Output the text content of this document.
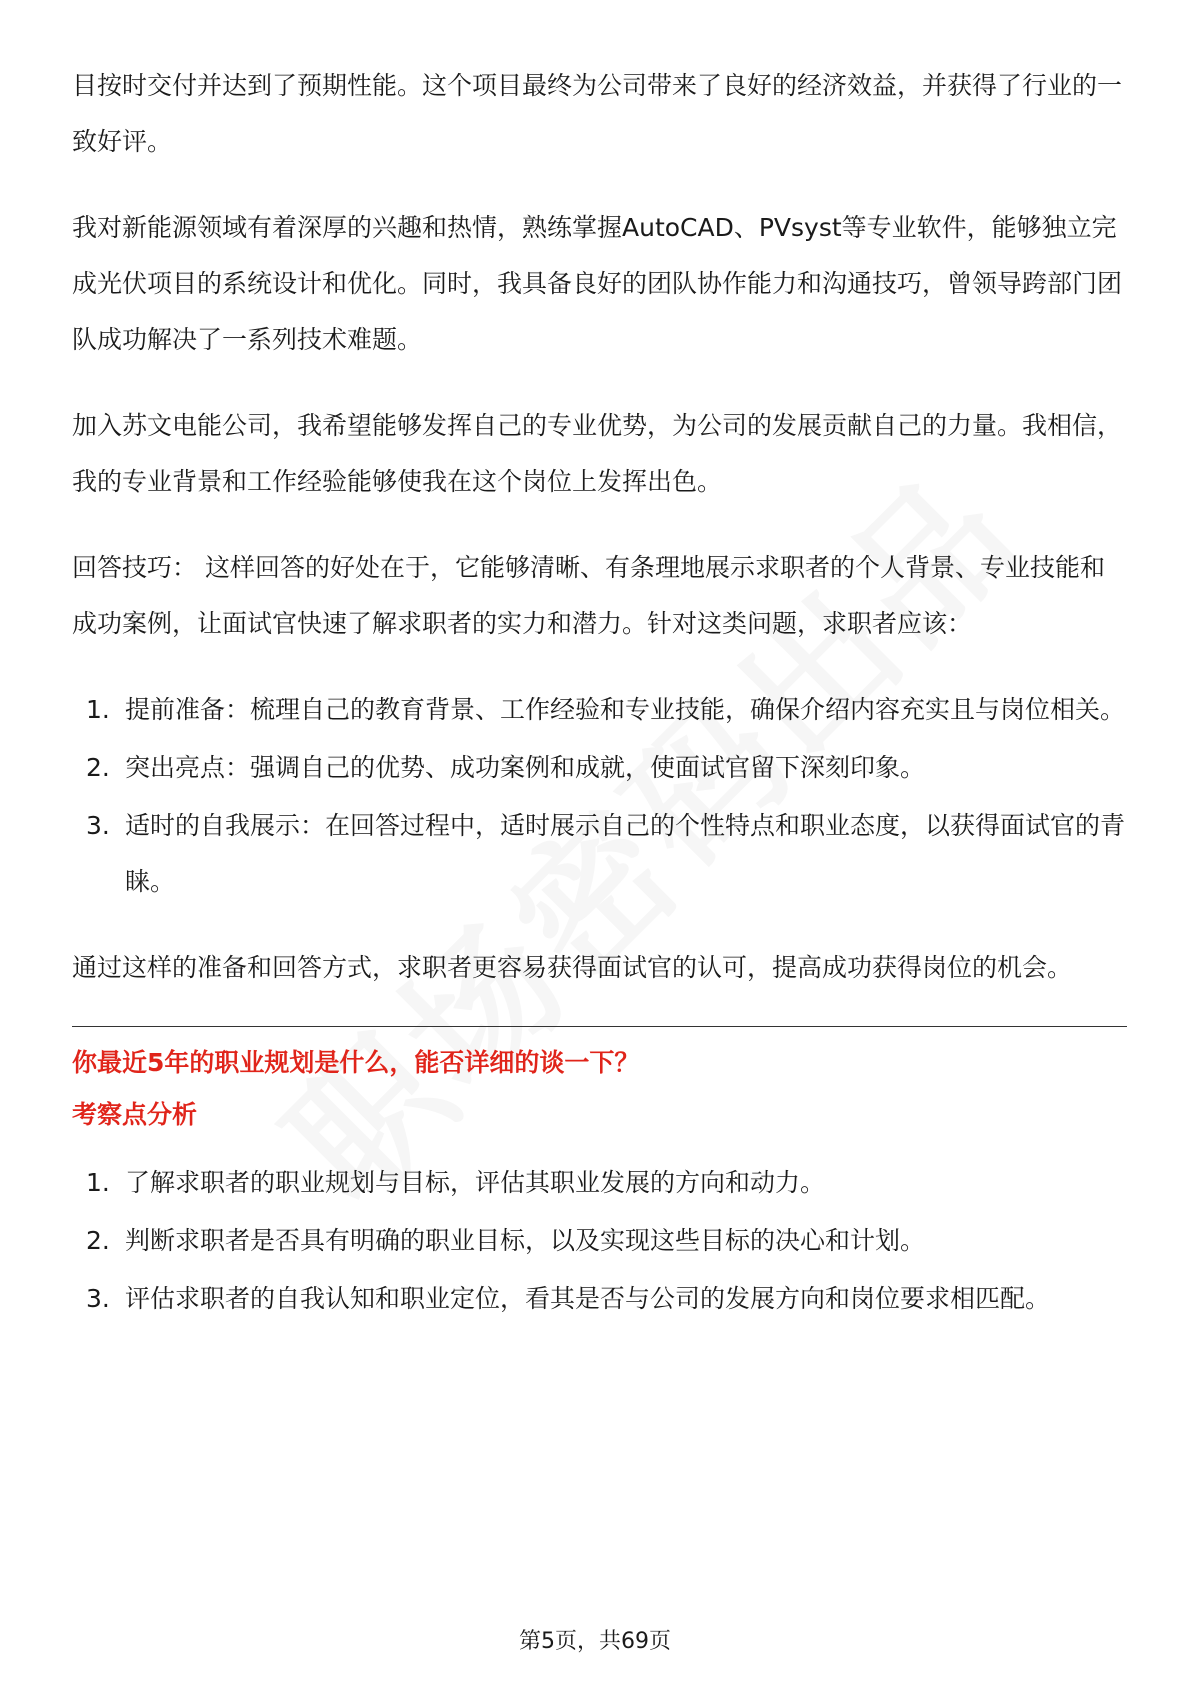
目按时交付并达到了预期性能。这个项目最终为公司带来了良好的经济效益，并获得了行业的一致好评。

我对新能源领域有着深厚的兴趣和热情，熟练掌握AutoCAD、PVsyst等专业软件，能够独立完成光伏项目的系统设计和优化。同时，我具备良好的团队协作能力和沟通技巧，曾领导跨部门团队成功解决了一系列技术难题。

加入苏文电能公司，我希望能够发挥自己的专业优势，为公司的发展贡献自己的力量。我相信，我的专业背景和工作经验能够使我在这个岗位上发挥出色。

回答技巧： 这样回答的好处在于，它能够清晰、有条理地展示求职者的个人背景、专业技能和成功案例，让面试官快速了解求职者的实力和潜力。针对这类问题，求职者应该：

1. 提前准备：梳理自己的教育背景、工作经验和专业技能，确保介绍内容充实且与岗位相关。
2. 突出亮点：强调自己的优势、成功案例和成就，使面试官留下深刻印象。
3. 适时的自我展示：在回答过程中，适时展示自己的个性特点和职业态度，以获得面试官的青睐。

通过这样的准备和回答方式，求职者更容易获得面试官的认可，提高成功获得岗位的机会。

你最近5年的职业规划是什么，能否详细的谈一下？
考察点分析
1. 了解求职者的职业规划与目标，评估其职业发展的方向和动力。
2. 判断求职者是否具有明确的职业目标，以及实现这些目标的决心和计划。
3. 评估求职者的自我认知和职业定位，看其是否与公司的发展方向和岗位要求相匹配。
第5页，共69页
